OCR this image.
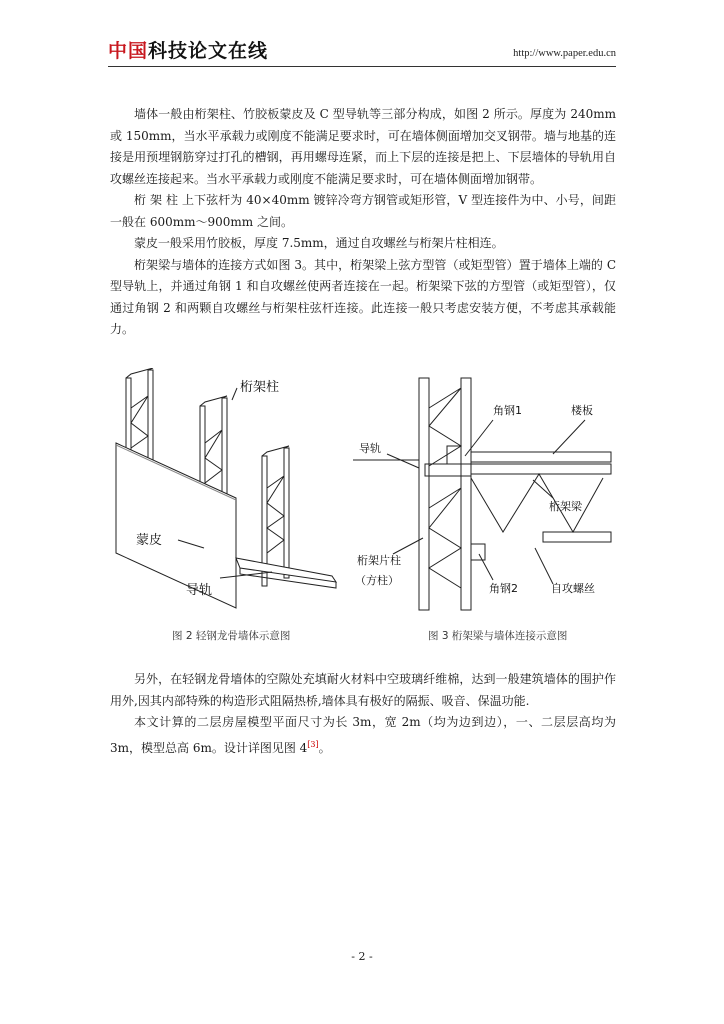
中国科技论文在线	http://www.paper.edu.cn

墙体一般由桁架柱、竹胶板蒙皮及 C 型导轨等三部分构成，如图 2 所示。厚度为 240mm 或 150mm，当水平承载力或刚度不能满足要求时，可在墙体侧面增加交叉钢带。墙与地基的连接是用预埋钢筋穿过打孔的槽钢，再用螺母连紧，而上下层的连接是把上、下层墙体的导轨用自攻螺丝连接起来。当水平承载力或刚度不能满足要求时，可在墙体侧面增加钢带。

桁 架 柱 上下弦杆为 40×40mm 镀锌冷弯方钢管或矩形管，V 型连接件为中、小号，间距一般在 600mm～900mm 之间。

蒙皮一般采用竹胶板，厚度 7.5mm，通过自攻螺丝与桁架片柱相连。

桁架梁与墙体的连接方式如图 3。其中，桁架梁上弦方型管（或矩型管）置于墙体上端的 C 型导轨上，并通过角钢 1 和自攻螺丝使两者连接在一起。桁架梁下弦的方型管（或矩型管），仅通过角钢 2 和两颗自攻螺丝与桁架柱弦杆连接。此连接一般只考虑安装方便，不考虑其承载能力。

桁架柱
蒙皮
导轨
角钢1	楼板
导轨
桁架梁
桁架片柱
（方柱）
角钢2	自攻螺丝
图 2 轻钢龙骨墙体示意图	图 3 桁架梁与墙体连接示意图

另外，在轻钢龙骨墙体的空隙处充填耐火材料中空玻璃纤维棉，达到一般建筑墙体的围护作用外,因其内部特殊的构造形式阻隔热桥,墙体具有极好的隔振、吸音、保温功能.

本文计算的二层房屋模型平面尺寸为长 3m，宽 2m（均为边到边），一、二层层高均为 3m，模型总高 6m。设计详图见图 4[3]。

- 2 -
